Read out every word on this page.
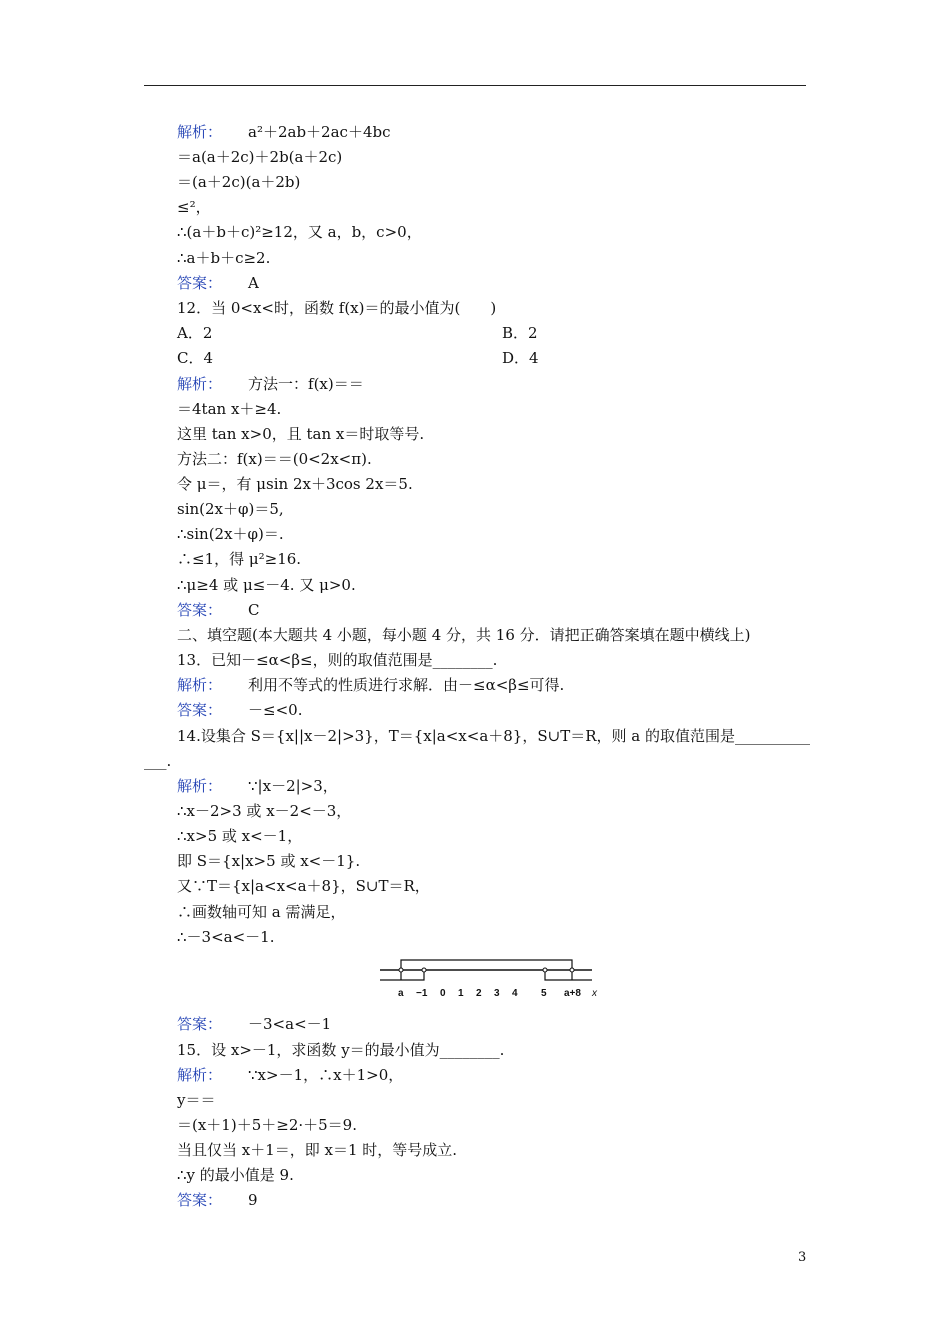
解析： a²＋2ab＋2ac＋4bc
＝a(a＋2c)＋2b(a＋2c)
＝(a＋2c)(a＋2b)
≤²，
∴(a＋b＋c)²≥12，又 a，b，c>0，
∴a＋b＋c≥2.
答案： A
12．当 0<x<时，函数 f(x)＝的最小值为(　　)
A．2	B．2
C．4	D．4
解析： 方法一：f(x)＝＝
＝4tan x＋≥4.
这里 tan x>0，且 tan x＝时取等号.
方法二：f(x)＝＝(0<2x<π).
令 μ＝，有 μsin 2x＋3cos 2x＝5.
sin(2x＋φ)＝5,
∴sin(2x＋φ)＝.
∴≤1，得 μ²≥16.
∴μ≥4 或 μ≤－4. 又 μ>0.
答案： C
二、填空题(本大题共 4 小题，每小题 4 分，共 16 分．请把正确答案填在题中横线上)
13．已知－≤α<β≤，则的取值范围是________.
解析： 利用不等式的性质进行求解．由－≤α<β≤可得.
答案： －≤<0.
14.设集合 S＝{x||x－2|>3}，T＝{x|a<x<a＋8}，S∪T＝R，则 a 的取值范围是__________
___.
解析： ∵|x－2|>3，
∴x－2>3 或 x－2<－3，
∴x>5 或 x<－1，
即 S＝{x|x>5 或 x<－1}.
又∵T＝{x|a<x<a＋8}，S∪T＝R，
∴画数轴可知 a 需满足，
∴－3<a<－1.
a −1 0 1 2 3 4 5 a+8 x
答案： －3<a<－1
15．设 x>－1，求函数 y＝的最小值为________.
解析： ∵x>－1，∴x＋1>0，
y＝＝
＝(x＋1)＋5＋≥2·＋5＝9.
当且仅当 x＋1＝，即 x＝1 时，等号成立.
∴y 的最小值是 9.
答案： 9
3
